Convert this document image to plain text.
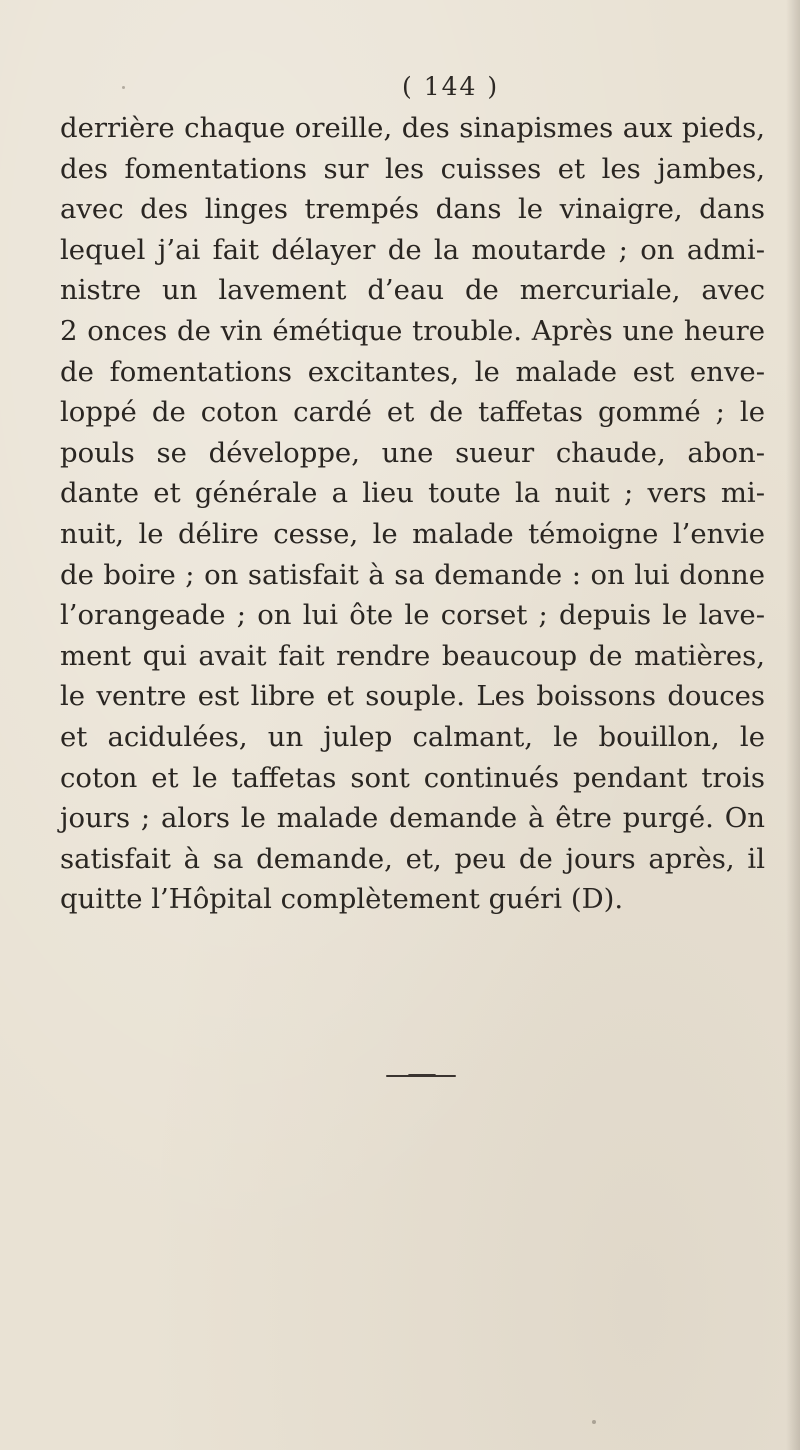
( 144 )
derrière chaque oreille, des sinapismes aux pieds,
des fomentations sur les cuisses et les jambes,
avec des linges trempés dans le vinaigre, dans
lequel j’ai fait délayer de la moutarde ; on admi-
nistre un lavement d’eau de mercuriale, avec
2 onces de vin émétique trouble. Après une heure
de fomentations excitantes, le malade est enve-
loppé de coton cardé et de taffetas gommé ; le
pouls se développe, une sueur chaude, abon-
dante et générale a lieu toute la nuit ; vers mi-
nuit, le délire cesse, le malade témoigne l’envie
de boire ; on satisfait à sa demande : on lui donne
l’orangeade ; on lui ôte le corset ; depuis le lave-
ment qui avait fait rendre beaucoup de matières,
le ventre est libre et souple. Les boissons douces
et acidulées, un julep calmant, le bouillon, le
coton et le taffetas sont continués pendant trois
jours ; alors le malade demande à être purgé. On
satisfait à sa demande, et, peu de jours après, il
quitte l’Hôpital complètement guéri (D).
